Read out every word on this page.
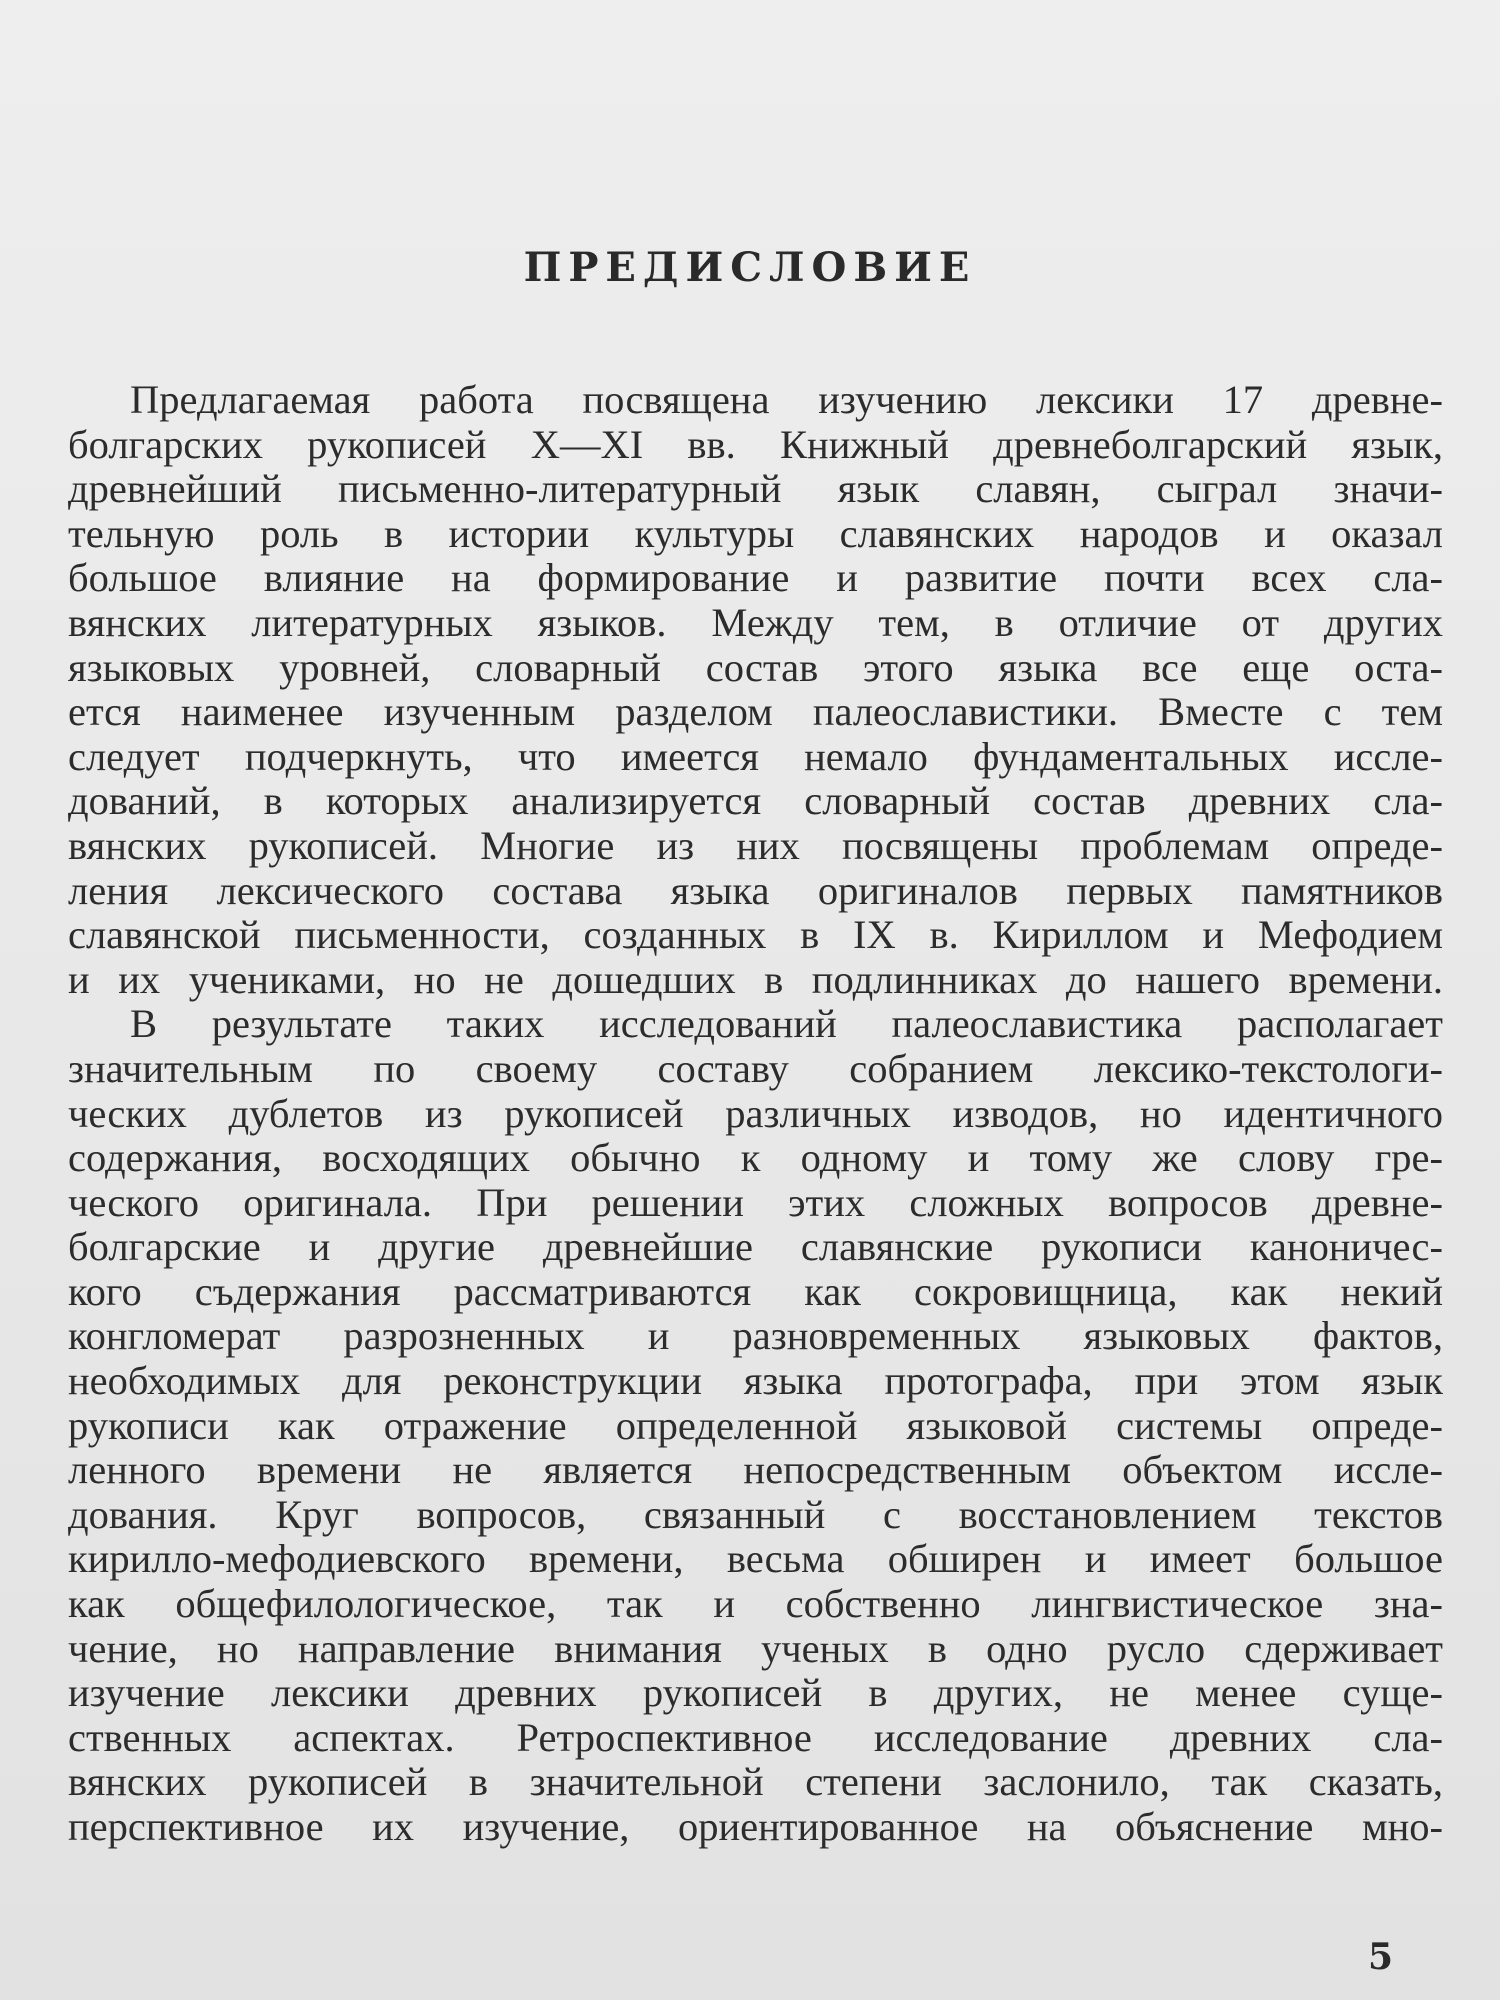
ПРЕДИСЛОВИЕ
Предлагаемая работа посвящена изучению лексики 17 древне-
болгарских рукописей X—XI вв. Книжный древнеболгарский язык,
древнейший письменно-литературный язык славян, сыграл значи-
тельную роль в истории культуры славянских народов и оказал
большое влияние на формирование и развитие почти всех сла-
вянских литературных языков. Между тем, в отличие от других
языковых уровней, словарный состав этого языка все еще оста-
ется наименее изученным разделом палеославистики. Вместе с тем
следует подчеркнуть, что имеется немало фундаментальных иссле-
дований, в которых анализируется словарный состав древних сла-
вянских рукописей. Многие из них посвящены проблемам опреде-
ления лексического состава языка оригиналов первых памятников
славянской письменности, созданных в IX в. Кириллом и Мефодием
и их учениками, но не дошедших в подлинниках до нашего времени.
В результате таких исследований палеославистика располагает
значительным по своему составу собранием лексико-текстологи-
ческих дублетов из рукописей различных изводов, но идентичного
содержания, восходящих обычно к одному и тому же слову гре-
ческого оригинала. При решении этих сложных вопросов древне-
болгарские и другие древнейшие славянские рукописи каноничес-
кого съдержания рассматриваются как сокровищница, как некий
конгломерат разрозненных и разновременных языковых фактов,
необходимых для реконструкции языка протографа, при этом язык
рукописи как отражение определенной языковой системы опреде-
ленного времени не является непосредственным объектом иссле-
дования. Круг вопросов, связанный с восстановлением текстов
кирилло-мефодиевского времени, весьма обширен и имеет большое
как общефилологическое, так и собственно лингвистическое зна-
чение, но направление внимания ученых в одно русло сдерживает
изучение лексики древних рукописей в других, не менее суще-
ственных аспектах. Ретроспективное исследование древних сла-
вянских рукописей в значительной степени заслонило, так сказать,
перспективное их изучение, ориентированное на объяснение мно-
5
